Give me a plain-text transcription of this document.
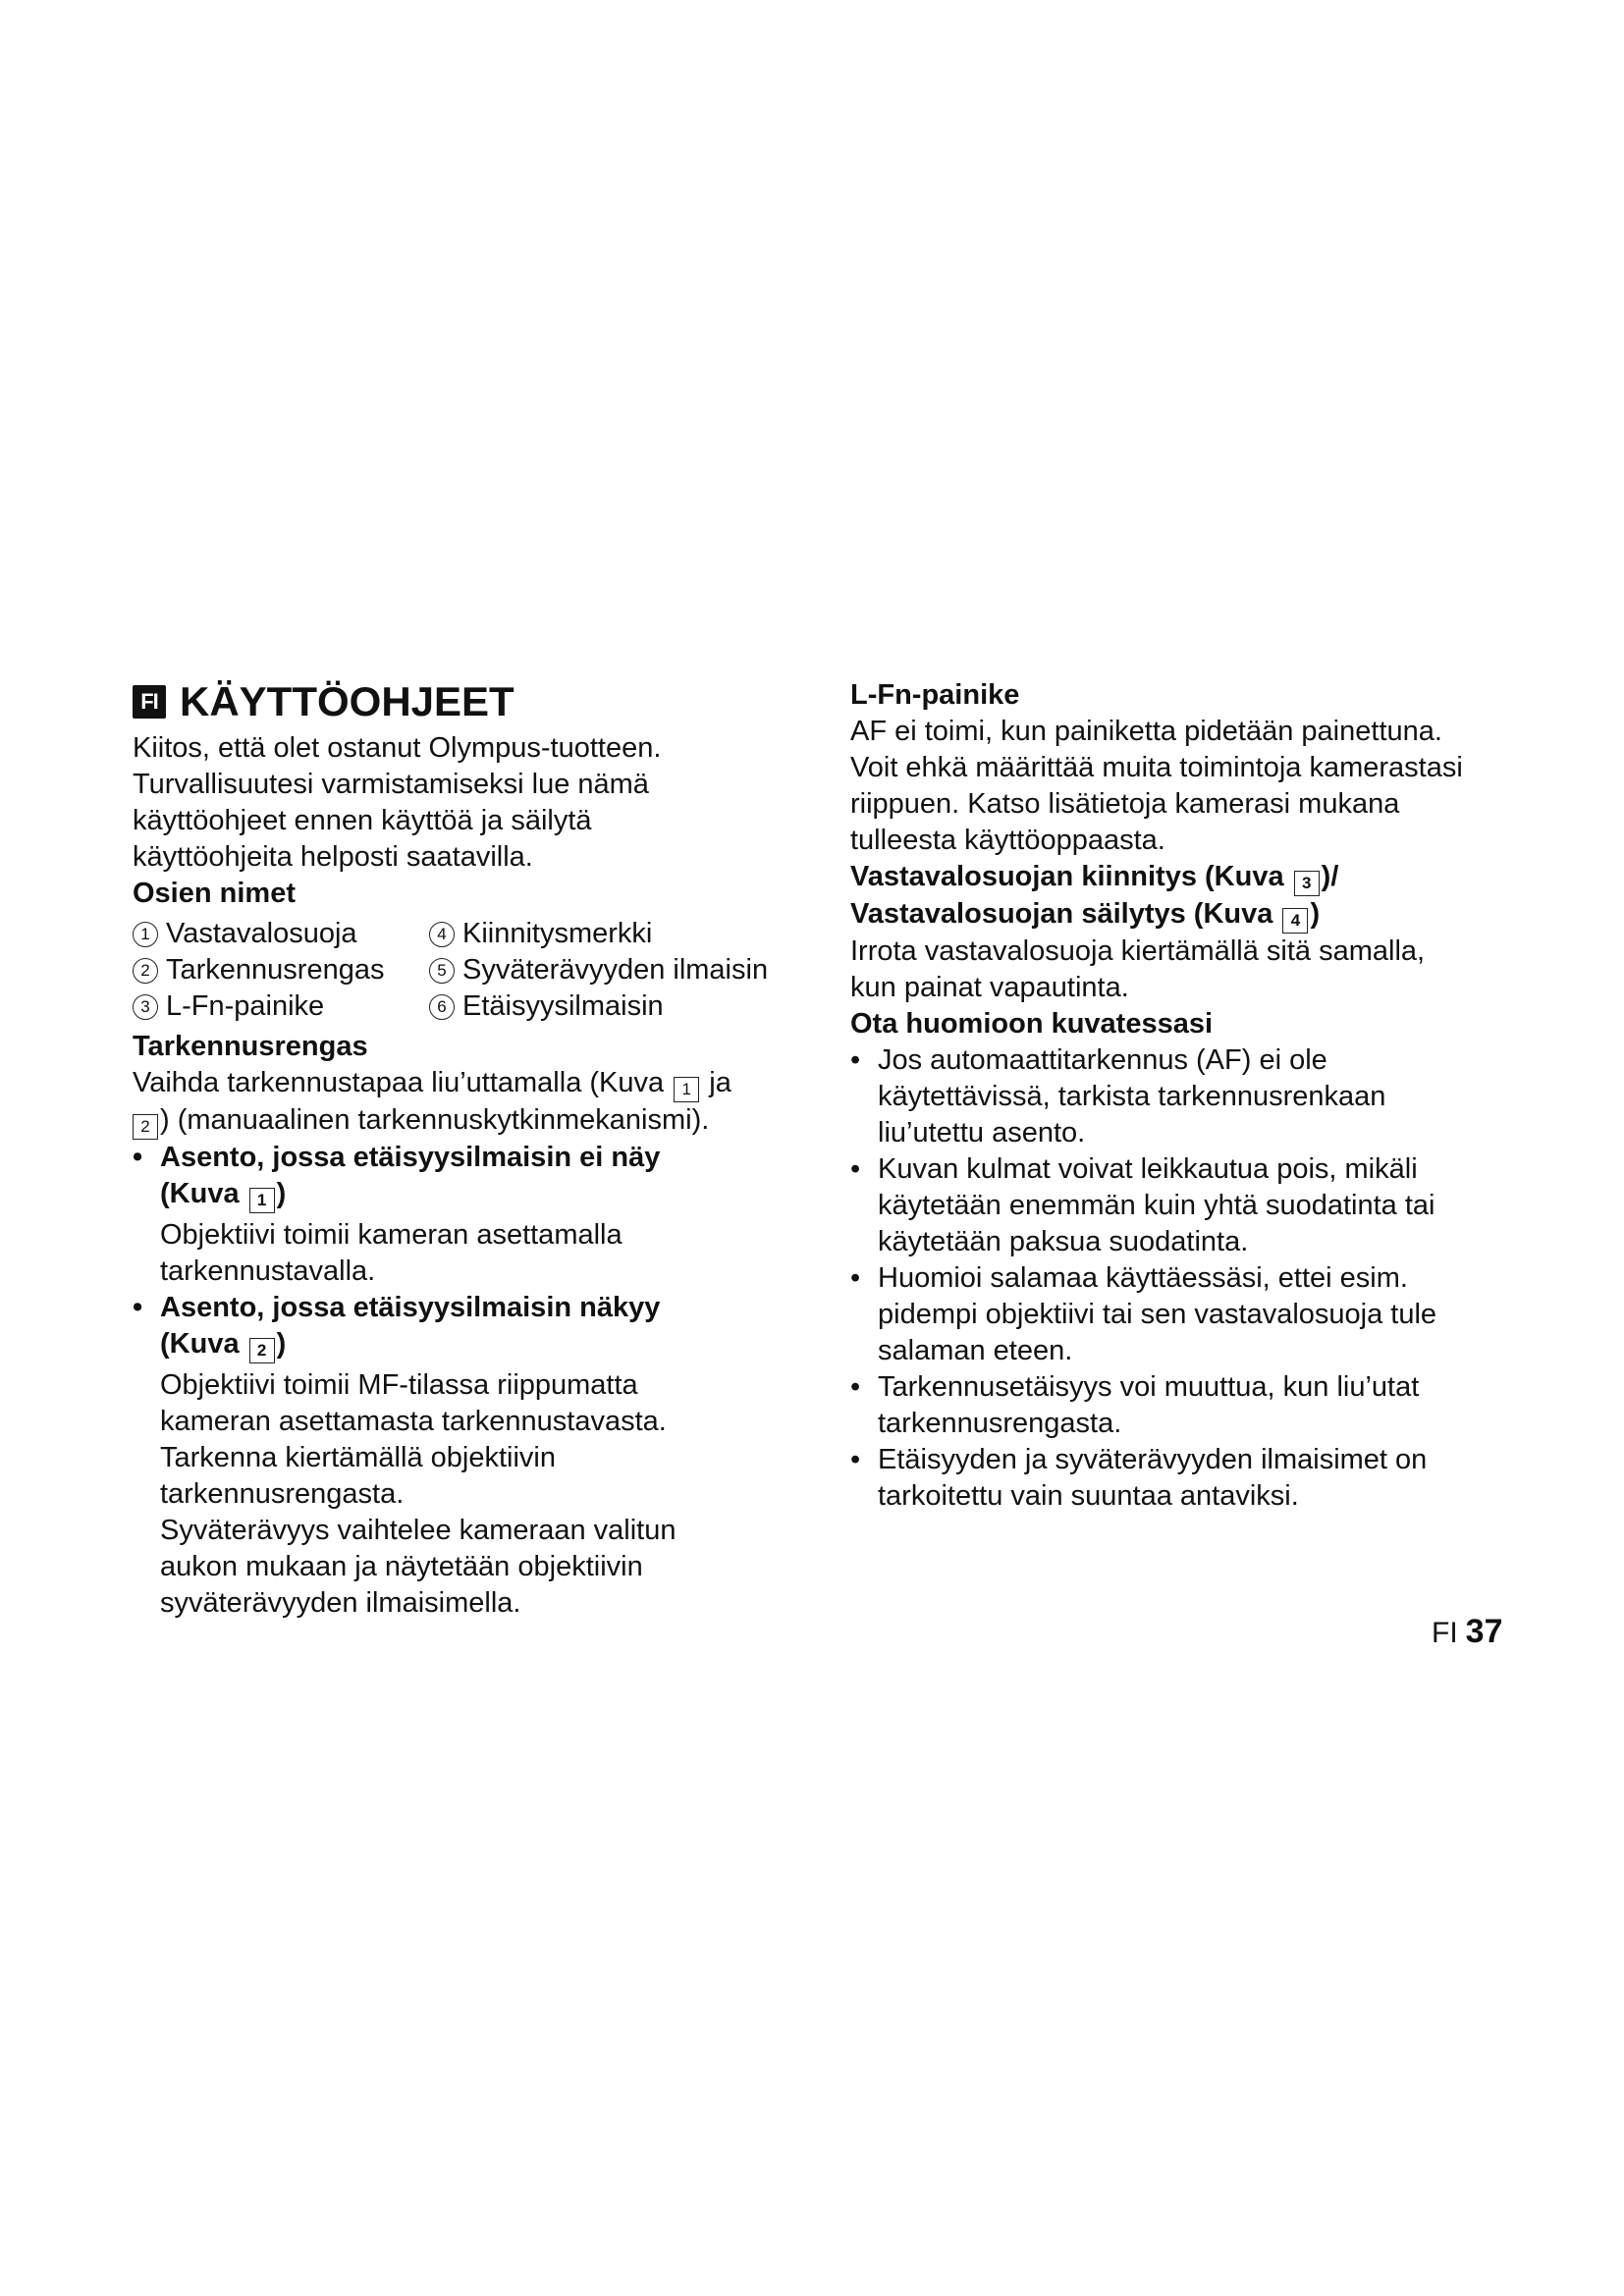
FI KÄYTTÖOHJEET

Kiitos, että olet ostanut Olympus-tuotteen.

Turvallisuutesi varmistamiseksi lue nämä

käyttöohjeet ennen käyttöä ja säilytä

käyttöohjeita helposti saatavilla.

Osien nimet

1 Vastavalosuoja	4 Kiinnitysmerkki
2 Tarkennusrengas	5 Syväterävyyden ilmaisin
3 L-Fn-painike	6 Etäisyysilmaisin

Tarkennusrengas

Vaihda tarkennustapaa liu’uttamalla (Kuva 1 ja
2 ) (manuaalinen tarkennuskytkinmekanismi).

• Asento, jossa etäisyysilmaisin ei näy

(Kuva 1 )

Objektiivi toimii kameran asettamalla

tarkennustavalla.

• Asento, jossa etäisyysilmaisin näkyy

(Kuva 2 )

Objektiivi toimii MF-tilassa riippumatta

kameran asettamasta tarkennustavasta.

Tarkenna kiertämällä objektiivin

tarkennusrengasta.

Syväterävyys vaihtelee kameraan valitun

aukon mukaan ja näytetään objektiivin

syväterävyyden ilmaisimella.

L-Fn-painike

AF ei toimi, kun painiketta pidetään painettuna.

Voit ehkä määrittää muita toimintoja kamerastasi

riippuen. Katso lisätietoja kamerasi mukana

tulleesta käyttöoppaasta.

Vastavalosuojan kiinnitys (Kuva 3 )/

Vastavalosuojan säilytys (Kuva 4 )

Irrota vastavalosuoja kiertämällä sitä samalla,

kun painat vapautinta.

Ota huomioon kuvatessasi

• Jos automaattitarkennus (AF) ei ole

käytettävissä, tarkista tarkennusrenkaan

liu’utettu asento.

• Kuvan kulmat voivat leikkautua pois, mikäli

käytetään enemmän kuin yhtä suodatinta tai

käytetään paksua suodatinta.

• Huomioi salamaa käyttäessäsi, ettei esim.

pidempi objektiivi tai sen vastavalosuoja tule

salaman eteen.

• Tarkennusetäisyys voi muuttua, kun liu’utat

tarkennusrengasta.

• Etäisyyden ja syväterävyyden ilmaisimet on

tarkoitettu vain suuntaa antaviksi.

FI 37
